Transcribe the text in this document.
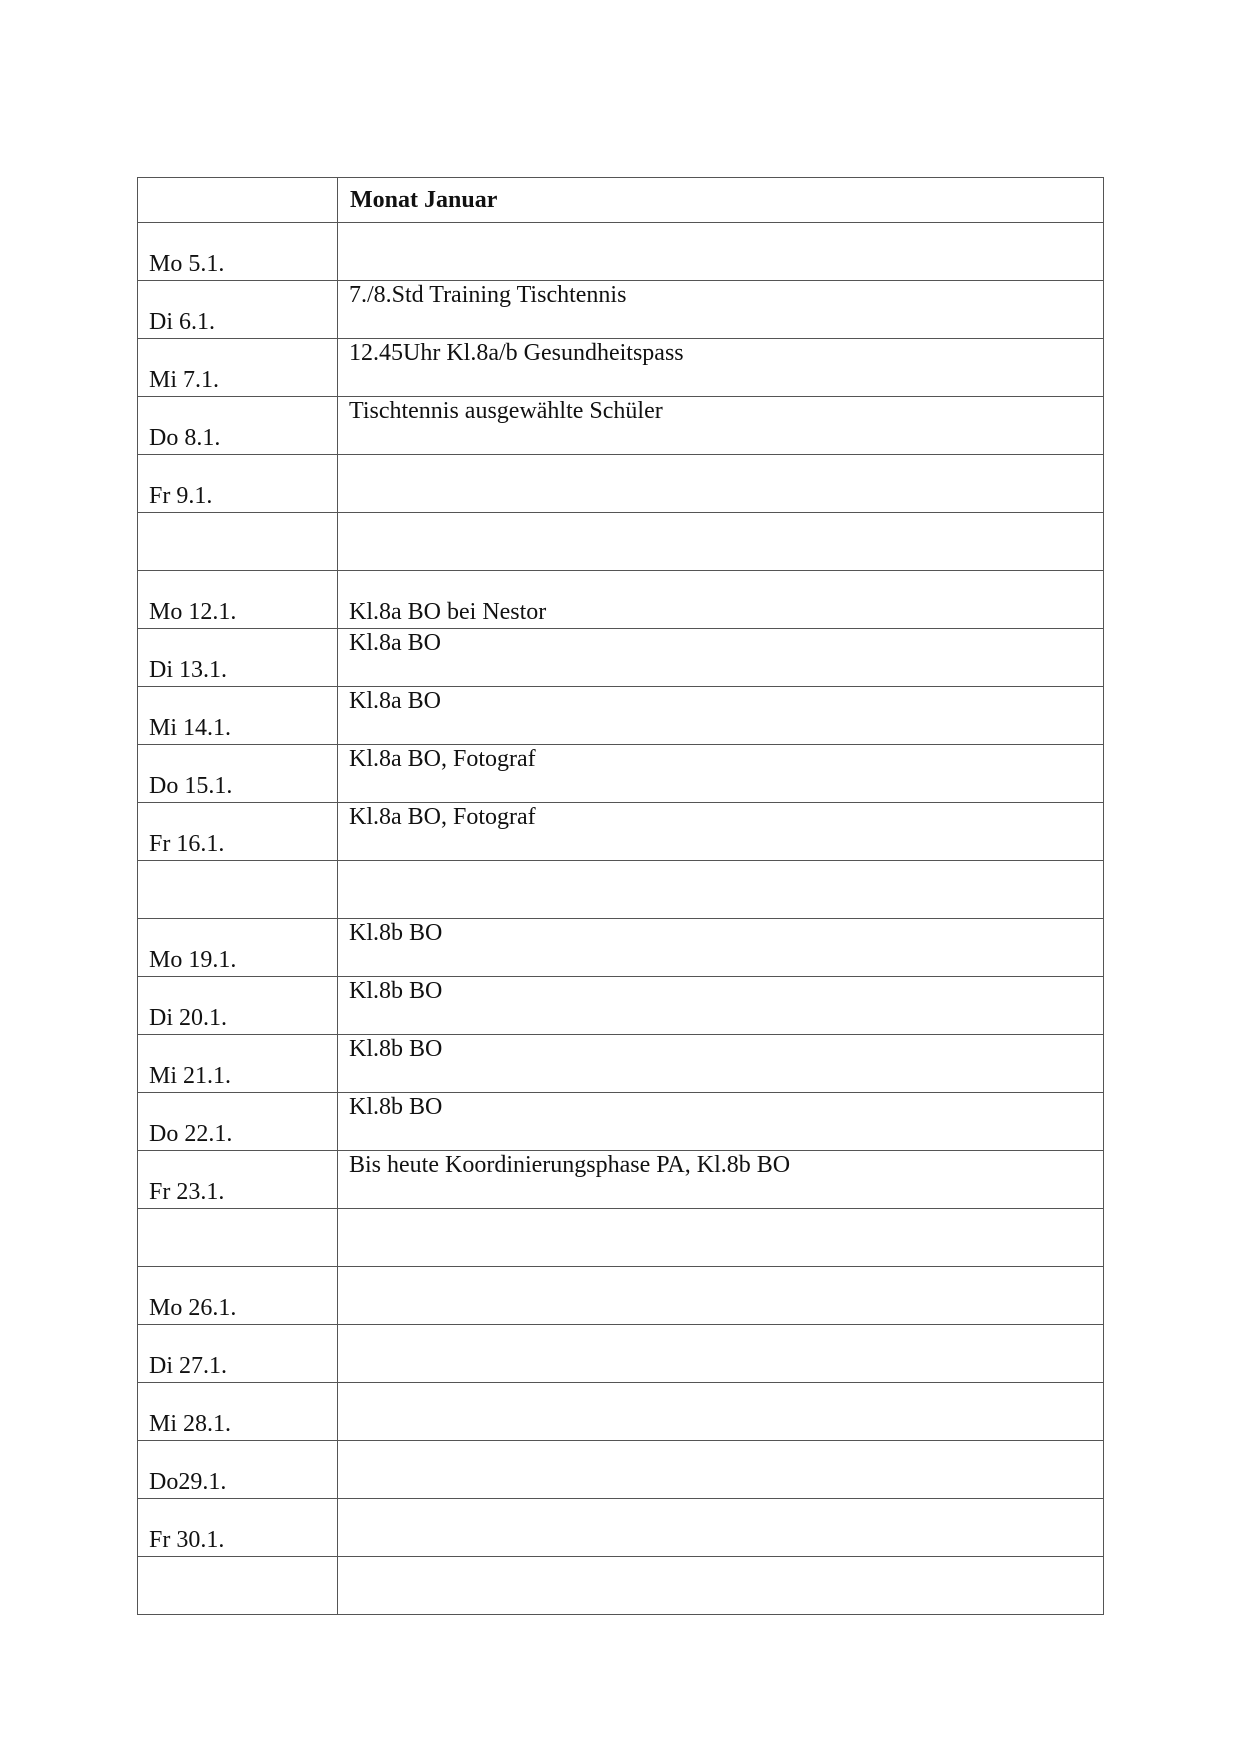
	Monat Januar
Mo 5.1.	
Di 6.1.	7./8.Std Training Tischtennis
Mi 7.1.	12.45Uhr Kl.8a/b Gesundheitspass
Do 8.1.	Tischtennis ausgewählte Schüler
Fr 9.1.	

Mo 12.1.	Kl.8a BO bei Nestor
Di 13.1.	Kl.8a BO
Mi 14.1.	Kl.8a BO
Do 15.1.	Kl.8a BO, Fotograf
Fr 16.1.	Kl.8a BO, Fotograf

Mo 19.1.	Kl.8b BO
Di 20.1.	Kl.8b BO
Mi 21.1.	Kl.8b BO
Do 22.1.	Kl.8b BO
Fr 23.1.	Bis heute Koordinierungsphase PA, Kl.8b BO

Mo 26.1.	
Di 27.1.	
Mi 28.1.	
Do29.1.	
Fr 30.1.	
